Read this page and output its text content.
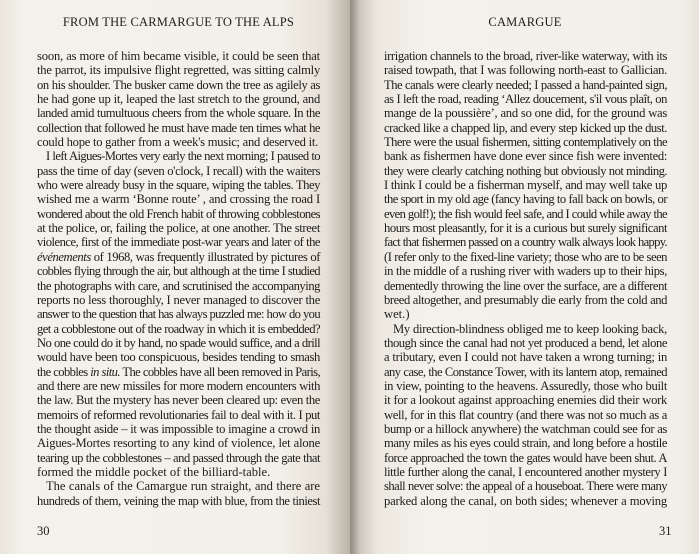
FROM THE CARMARGUE TO THE ALPS
soon, as more of him became visible, it could be seen that
the parrot, its impulsive flight regretted, was sitting calmly
on his shoulder. The busker came down the tree as agilely as
he had gone up it, leaped the last stretch to the ground, and
landed amid tumultuous cheers from the whole square. In the
collection that followed he must have made ten times what he
could hope to gather from a week's music; and deserved it.
I left Aigues-Mortes very early the next morning; I paused to
pass the time of day (seven o'clock, I recall) with the waiters
who were already busy in the square, wiping the tables. They
wished me a warm ‘Bonne route’ , and crossing the road I
wondered about the old French habit of throwing cobblestones
at the police, or, failing the police, at one another. The street
violence, first of the immediate post-war years and later of the
événements of 1968, was frequently illustrated by pictures of
cobbles flying through the air, but although at the time I studied
the photographs with care, and scrutinised the accompanying
reports no less thoroughly, I never managed to discover the
answer to the question that has always puzzled me: how do you
get a cobblestone out of the roadway in which it is embedded?
No one could do it by hand, no spade would suffice, and a drill
would have been too conspicuous, besides tending to smash
the cobbles in situ. The cobbles have all been removed in Paris,
and there are new missiles for more modern encounters with
the law. But the mystery has never been cleared up: even the
memoirs of reformed revolutionaries fail to deal with it. I put
the thought aside – it was impossible to imagine a crowd in
Aigues-Mortes resorting to any kind of violence, let alone
tearing up the cobblestones – and passed through the gate that
formed the middle pocket of the billiard-table.
The canals of the Camargue run straight, and there are
hundreds of them, veining the map with blue, from the tiniest
30
CAMARGUE
irrigation channels to the broad, river-like waterway, with its
raised towpath, that I was following north-east to Gallician.
The canals were clearly needed; I passed a hand-painted sign,
as I left the road, reading ‘Allez doucement, s'il vous plaît, on
mange de la poussière’, and so one did, for the ground was
cracked like a chapped lip, and every step kicked up the dust.
There were the usual fishermen, sitting contemplatively on the
bank as fishermen have done ever since fish were invented:
they were clearly catching nothing but obviously not minding.
I think I could be a fisherman myself, and may well take up
the sport in my old age (fancy having to fall back on bowls, or
even golf!); the fish would feel safe, and I could while away the
hours most pleasantly, for it is a curious but surely significant
fact that fishermen passed on a country walk always look happy.
(I refer only to the fixed-line variety; those who are to be seen
in the middle of a rushing river with waders up to their hips,
dementedly throwing the line over the surface, are a different
breed altogether, and presumably die early from the cold and
wet.)
My direction-blindness obliged me to keep looking back,
though since the canal had not yet produced a bend, let alone
a tributary, even I could not have taken a wrong turning; in
any case, the Constance Tower, with its lantern atop, remained
in view, pointing to the heavens. Assuredly, those who built
it for a lookout against approaching enemies did their work
well, for in this flat country (and there was not so much as a
bump or a hillock anywhere) the watchman could see for as
many miles as his eyes could strain, and long before a hostile
force approached the town the gates would have been shut. A
little further along the canal, I encountered another mystery I
shall never solve: the appeal of a houseboat. There were many
parked along the canal, on both sides; whenever a moving
31
